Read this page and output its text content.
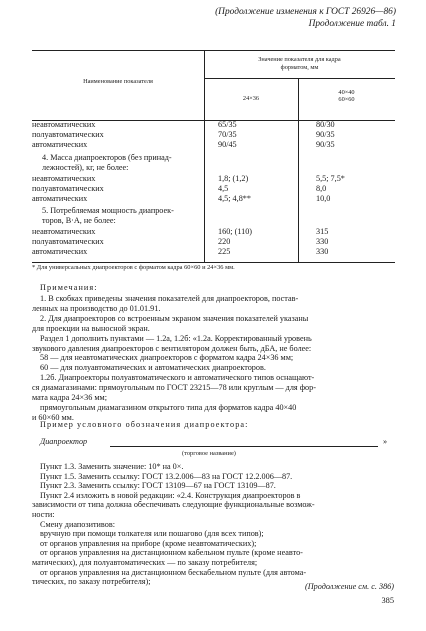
(Продолжение изменения к ГОСТ 26926—86)
Продолжение табл. 1
Наименование показателя
Значение показателя для кадра
форматом, мм
24×36
40×40
60×60
неавтоматических	65/35	80/30
полуавтоматических	70/35	90/35
автоматических	90/45	90/35
4. Масса диапроекторов (без принад-
лежностей), кг, не более:
неавтоматических	1,8; (1,2)	5,5; 7,5*
полуавтоматических	4,5	8,0
автоматических	4,5; 4,8**	10,0
5. Потребляемая мощность диапроек-
торов, В·А, не более:
неавтоматических	160; (110)	315
полуавтоматических	220	330
автоматических	225	330
* Для универсальных диапроекторов с форматом кадра 60×60 и 24×36 мм.
Примечания:
1. В скобках приведены значения показателей для диапроекторов, постав-
ленных на производство до 01.01.91.
2. Для диапроекторов со встроенным экраном значения показателей указаны
для проекции на выносной экран.
Раздел 1 дополнить пунктами — 1.2а, 1.2б: «1.2а. Корректированный уровень
звукового давления диапроекторов с вентилятором должен быть, дБА, не более:
58 — для неавтоматических диапроекторов с форматом кадра 24×36 мм;
60 — для полуавтоматических и автоматических диапроекторов.
1.2б. Диапроекторы полуавтоматического и автоматического типов оснащают-
ся диамагазинами: прямоугольным по ГОСТ 23215—78 или круглым — для фор-
мата кадра 24×36 мм;
прямоугольным диамагазином открытого типа для форматов кадра 40×40
и 60×60 мм.
Пример условного обозначения диапроектора:
Диапроектор	»
(торговое название)
Пункт 1.3. Заменить значение: 10* на 0×.
Пункт 1.5. Заменить ссылку: ГОСТ 13.2.006—83 на ГОСТ 12.2.006—87.
Пункт 2.3. Заменить ссылку: ГОСТ 13109—67 на ГОСТ 13109—87.
Пункт 2.4 изложить в новой редакции: «2.4. Конструкция диапроекторов в
зависимости от типа должна обеспечивать следующие функциональные возмож-
ности:
Смену диапозитивов:
вручную при помощи толкателя или пошагово (для всех типов);
от органов управления на приборе (кроме неавтоматических);
от органов управления на дистанционном кабельном пульте (кроме неавто-
матических), для полуавтоматических — по заказу потребителя;
от органов управления на дистанционном бескабельном пульте (для автома-
тических, по заказу потребителя);
(Продолжение см. с. 386)
385
